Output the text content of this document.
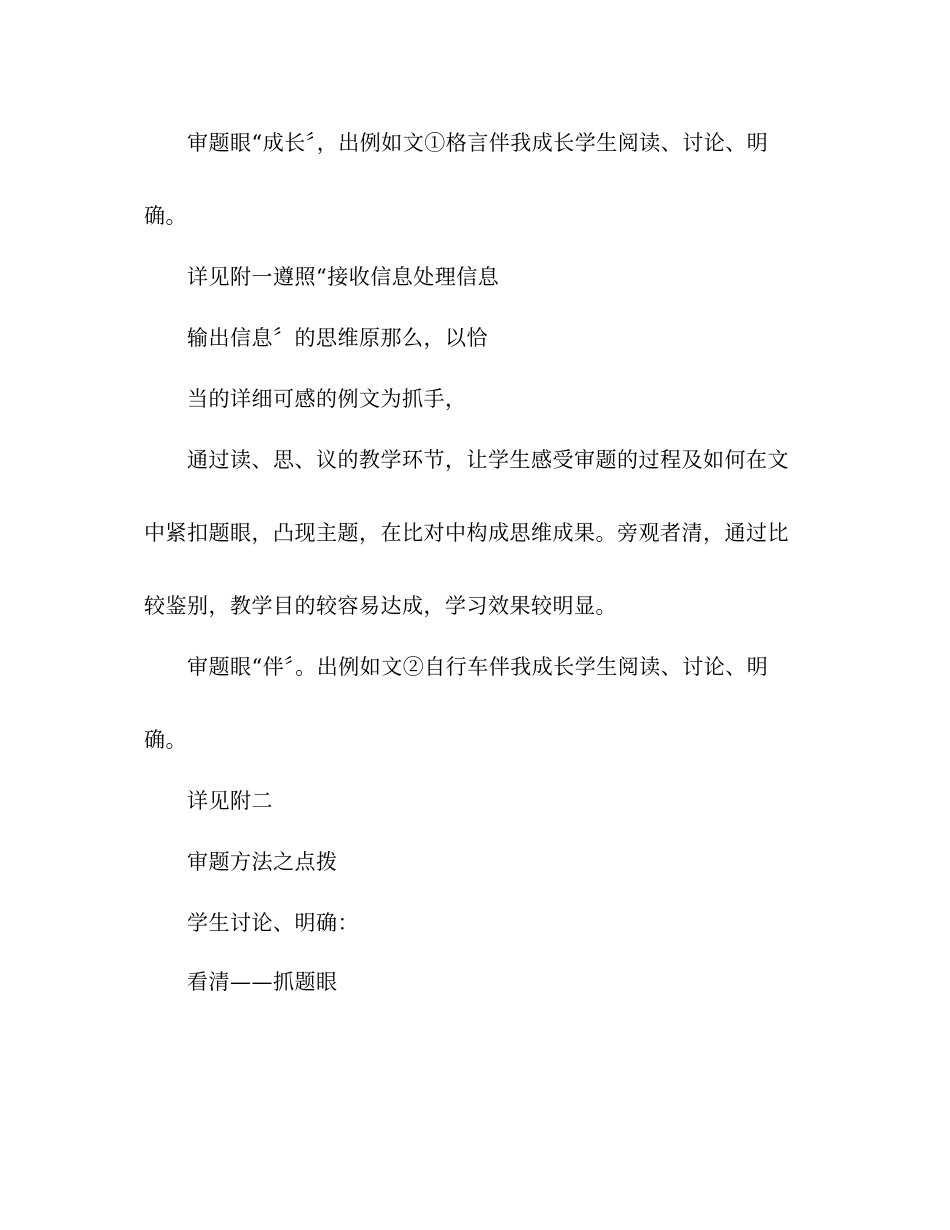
审题眼“成长〞，出例如文①格言伴我成长学生阅读、讨论、明
确。
详见附一遵照“接收信息处理信息
输出信息〞的思维原那么，以恰
当的详细可感的例文为抓手，
通过读、思、议的教学环节，让学生感受审题的过程及如何在文
中紧扣题眼，凸现主题，在比对中构成思维成果。旁观者清，通过比
较鉴别，教学目的较容易达成，学习效果较明显。
审题眼“伴〞。出例如文②自行车伴我成长学生阅读、讨论、明
确。
详见附二
审题方法之点拨
学生讨论、明确：
看清——抓题眼
